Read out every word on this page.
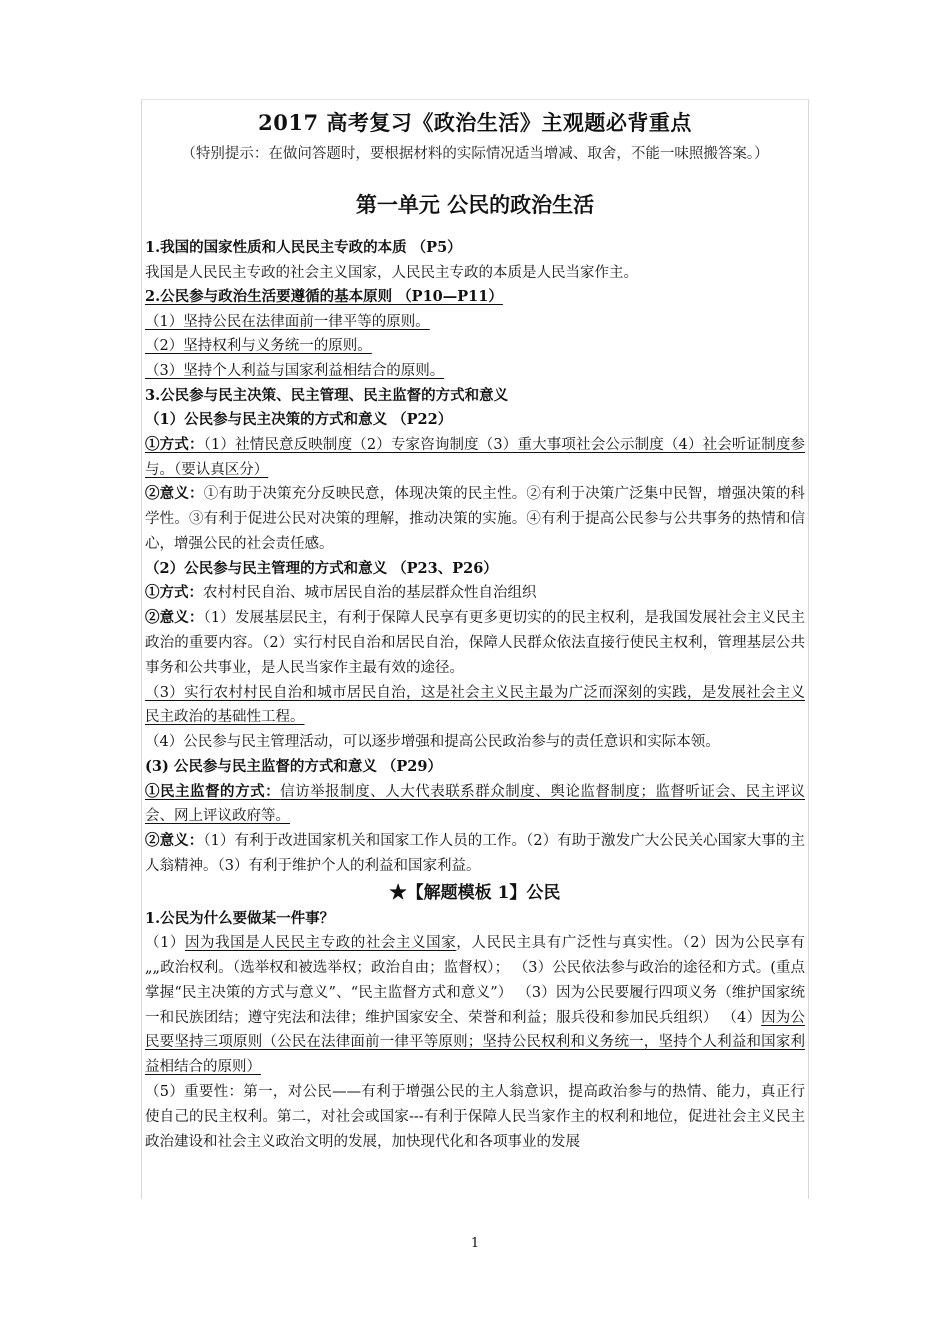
2017 高考复习《政治生活》主观题必背重点
（特别提示：在做问答题时，要根据材料的实际情况适当增减、取舍，不能一味照搬答案。）
第一单元 公民的政治生活

1.我国的国家性质和人民民主专政的本质 （P5）

我国是人民民主专政的社会主义国家，人民民主专政的本质是人民当家作主。

2.公民参与政治生活要遵循的基本原则 （P10—P11）

（1）坚持公民在法律面前一律平等的原则。

（2）坚持权利与义务统一的原则。

（3）坚持个人利益与国家利益相结合的原则。

3.公民参与民主决策、民主管理、民主监督的方式和意义

（1）公民参与民主决策的方式和意义 （P22）

①方式：（1）社情民意反映制度（2）专家咨询制度（3）重大事项社会公示制度（4）社会听证制度参与。（要认真区分）

②意义：①有助于决策充分反映民意，体现决策的民主性。②有利于决策广泛集中民智，增强决策的科学性。③有利于促进公民对决策的理解，推动决策的实施。④有利于提高公民参与公共事务的热情和信心，增强公民的社会责任感。

（2）公民参与民主管理的方式和意义 （P23、P26）

①方式：农村村民自治、城市居民自治的基层群众性自治组织

②意义：（1）发展基层民主，有利于保障人民享有更多更切实的的民主权利，是我国发展社会主义民主政治的重要内容。（2）实行村民自治和居民自治，保障人民群众依法直接行使民主权利，管理基层公共事务和公共事业，是人民当家作主最有效的途径。

（3）实行农村村民自治和城市居民自治，这是社会主义民主最为广泛而深刻的实践，是发展社会主义民主政治的基础性工程。

（4）公民参与民主管理活动，可以逐步增强和提高公民政治参与的责任意识和实际本领。

(3) 公民参与民主监督的方式和意义 （P29）

①民主监督的方式：信访举报制度、人大代表联系群众制度、舆论监督制度；监督听证会、民主评议会、网上评议政府等。

②意义：（1）有利于改进国家机关和国家工作人员的工作。（2）有助于激发广大公民关心国家大事的主人翁精神。（3）有利于维护个人的利益和国家利益。

★【解题模板 1】公民

1.公民为什么要做某一件事？

（1）因为我国是人民民主专政的社会主义国家，人民民主具有广泛性与真实性。（2）因为公民享有„„政治权利。（选举权和被选举权；政治自由；监督权）； （3）公民依法参与政治的途径和方式。(重点掌握“民主决策的方式与意义”、“民主监督方式和意义”） （3）因为公民要履行四项义务（维护国家统一和民族团结；遵守宪法和法律；维护国家安全、荣誉和利益；服兵役和参加民兵组织） （4）因为公民要坚持三项原则（公民在法律面前一律平等原则；坚持公民权利和义务统一，坚持个人利益和国家利益相结合的原则）

（5）重要性：第一，对公民——有利于增强公民的主人翁意识，提高政治参与的热情、能力，真正行使自己的民主权利。第二，对社会或国家---有利于保障人民当家作主的权利和地位，促进社会主义民主政治建设和社会主义政治文明的发展，加快现代化和各项事业的发展

1
